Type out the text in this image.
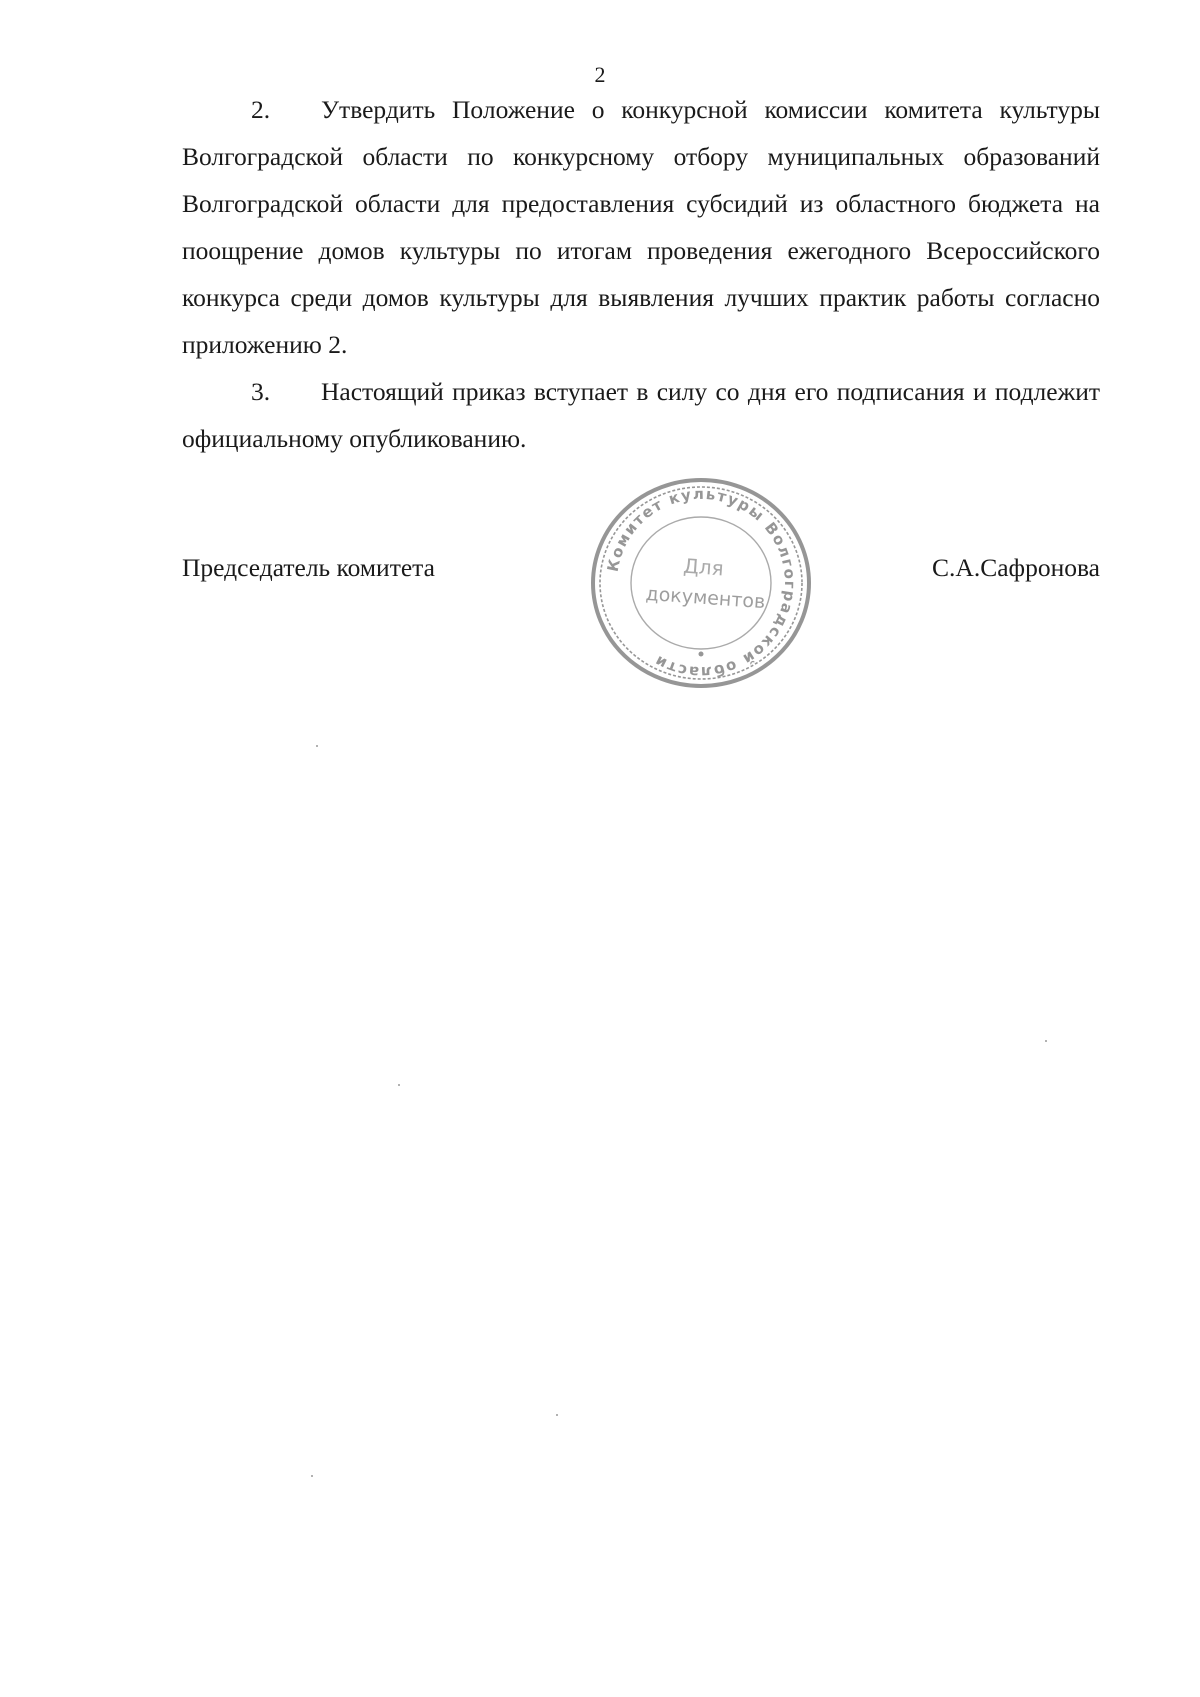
2

2. Утвердить Положение о конкурсной комиссии комитета культуры Волгоградской области по конкурсному отбору муниципальных образований Волгоградской области для предоставления субсидий из областного бюджета на поощрение домов культуры по итогам проведения ежегодного Всероссийского конкурса среди домов культуры для выявления лучших практик работы согласно приложению 2.

3. Настоящий приказ вступает в силу со дня его подписания и подлежит официальному опубликованию.

Председатель комитета	С.А.Сафронова
Комитет культуры Волгоградской области
Для
документов
